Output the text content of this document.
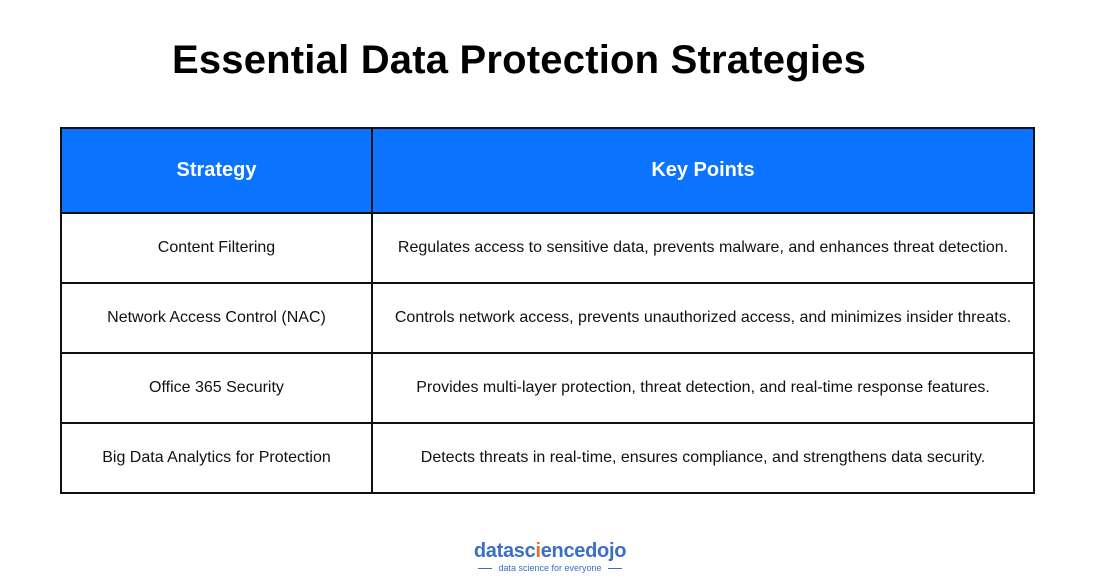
Essential Data Protection Strategies
Strategy	Key Points
Content Filtering	Regulates access to sensitive data, prevents malware, and enhances threat detection.
Network Access Control (NAC)	Controls network access, prevents unauthorized access, and minimizes insider threats.
Office 365 Security	Provides multi-layer protection, threat detection, and real-time response features.
Big Data Analytics for Protection	Detects threats in real-time, ensures compliance, and strengthens data security.
datasciencedojo
data science for everyone
